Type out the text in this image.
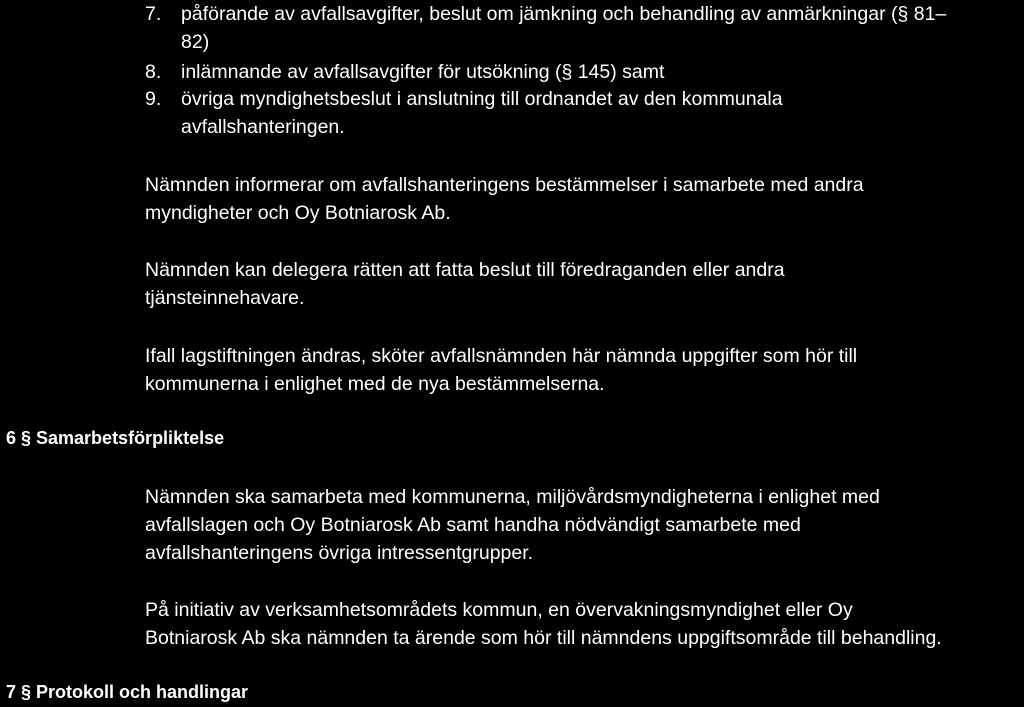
7. påförande av avfallsavgifter, beslut om jämkning och behandling av anmärkningar (§ 81–
82)
8. inlämnande av avfallsavgifter för utsökning (§ 145) samt
9. övriga myndighetsbeslut i anslutning till ordnandet av den kommunala
avfallshanteringen.
Nämnden informerar om avfallshanteringens bestämmelser i samarbete med andra
myndigheter och Oy Botniarosk Ab.
Nämnden kan delegera rätten att fatta beslut till föredraganden eller andra
tjänsteinnehavare.
Ifall lagstiftningen ändras, sköter avfallsnämnden här nämnda uppgifter som hör till
kommunerna i enlighet med de nya bestämmelserna.
6 § Samarbetsförpliktelse
Nämnden ska samarbeta med kommunerna, miljövårdsmyndigheterna i enlighet med
avfallslagen och Oy Botniarosk Ab samt handha nödvändigt samarbete med
avfallshanteringens övriga intressentgrupper.
På initiativ av verksamhetsområdets kommun, en övervakningsmyndighet eller Oy
Botniarosk Ab ska nämnden ta ärende som hör till nämndens uppgiftsområde till behandling.
7 § Protokoll och handlingar
